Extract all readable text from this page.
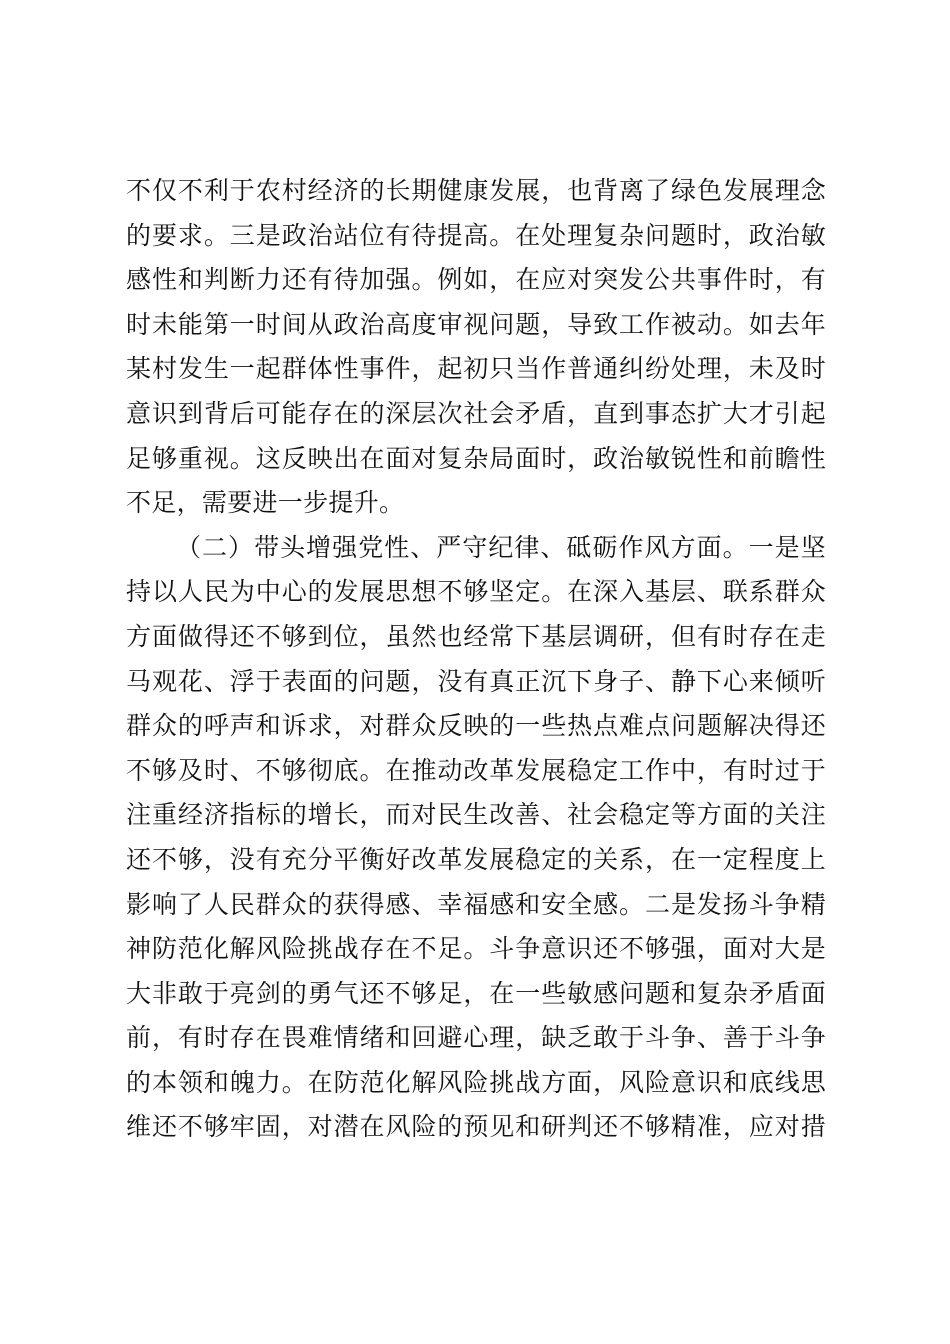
不仅不利于农村经济的长期健康发展，也背离了绿色发展理念
的要求。三是政治站位有待提高。在处理复杂问题时，政治敏
感性和判断力还有待加强。例如，在应对突发公共事件时，有
时未能第一时间从政治高度审视问题，导致工作被动。如去年
某村发生一起群体性事件，起初只当作普通纠纷处理，未及时
意识到背后可能存在的深层次社会矛盾，直到事态扩大才引起
足够重视。这反映出在面对复杂局面时，政治敏锐性和前瞻性
不足，需要进一步提升。
（二）带头增强党性、严守纪律、砥砺作风方面。一是坚
持以人民为中心的发展思想不够坚定。在深入基层、联系群众
方面做得还不够到位，虽然也经常下基层调研，但有时存在走
马观花、浮于表面的问题，没有真正沉下身子、静下心来倾听
群众的呼声和诉求，对群众反映的一些热点难点问题解决得还
不够及时、不够彻底。在推动改革发展稳定工作中，有时过于
注重经济指标的增长，而对民生改善、社会稳定等方面的关注
还不够，没有充分平衡好改革发展稳定的关系，在一定程度上
影响了人民群众的获得感、幸福感和安全感。二是发扬斗争精
神防范化解风险挑战存在不足。斗争意识还不够强，面对大是
大非敢于亮剑的勇气还不够足，在一些敏感问题和复杂矛盾面
前，有时存在畏难情绪和回避心理，缺乏敢于斗争、善于斗争
的本领和魄力。在防范化解风险挑战方面，风险意识和底线思
维还不够牢固，对潜在风险的预见和研判还不够精准，应对措
